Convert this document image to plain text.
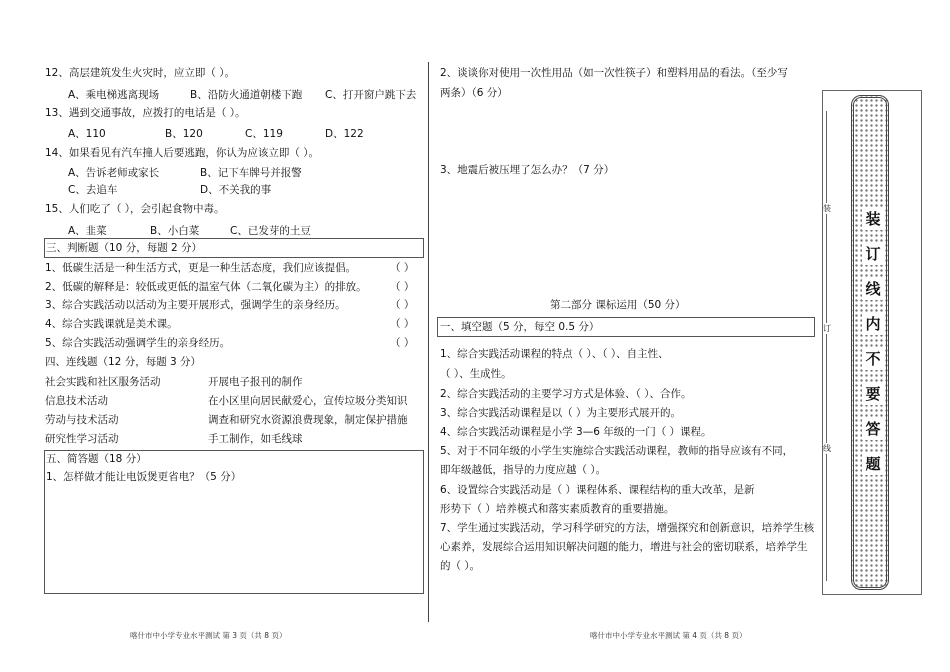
12、高层建筑发生火灾时，应立即（ ）。
A、乘电梯逃离现场	B、沿防火通道朝楼下跑 C、打开窗户跳下去
13、遇到交通事故，应拨打的电话是（ ）。
A、110	B、120	C、119	D、122
14、如果看见有汽车撞人后要逃跑，你认为应该立即（ ）。
A、告诉老师或家长	B、记下车牌号并报警
C、去追车	D、不关我的事
15、人们吃了（ ），会引起食物中毒。
A、韭菜	B、小白菜	C、已发芽的土豆
三、判断题（10 分，每题 2 分）
1、低碳生活是一种生活方式，更是一种生活态度，我们应该提倡。	（ ）
2、低碳的解释是：较低或更低的温室气体（二氧化碳为主）的排放。 （ ）
3、综合实践活动以活动为主要开展形式，强调学生的亲身经历。	（ ）
4、综合实践课就是美术课。	（ ）
5、综合实践活动强调学生的亲身经历。	（ ）
四、连线题（12 分，每题 3 分）
社会实践和社区服务活动	开展电子报刊的制作
信息技术活动	在小区里向居民献爱心，宣传垃圾分类知识
劳动与技术活动	调查和研究水资源浪费现象，制定保护措施
研究性学习活动	手工制作，如毛线球
五、简答题（18 分）
1、怎样做才能让电饭煲更省电？（5 分）
2、谈谈你对使用一次性用品（如一次性筷子）和塑料用品的看法。（至少写
两条）（6 分）
3、地震后被压埋了怎么办？（7 分）
第二部分 课标运用（50 分）
一、填空题（5 分，每空 0.5 分）
1、综合实践活动课程的特点（ ）、（ ）、自主性、
（ ）、生成性。
2、综合实践活动的主要学习方式是体验、（ ）、合作。
3、综合实践活动课程是以（ ）为主要形式展开的。
4、综合实践活动课程是小学 3—6 年级的一门（ ）课程。
5、对于不同年级的小学生实施综合实践活动课程，教师的指导应该有不同，
即年级越低，指导的力度应越（ ）。
6、设置综合实践活动是（ ）课程体系、课程结构的重大改革，是新
形势下（ ）培养模式和落实素质教育的重要措施。
7、学生通过实践活动，学习科学研究的方法，增强探究和创新意识，培养学生核
心素养，发展综合运用知识解决问题的能力，增进与社会的密切联系，培养学生
的（ ）。
装
订
线
装
订
线
内
不
要
答
题
喀什市中小学专业水平测试 第 3 页（共 8 页）	喀什市中小学专业水平测试 第 4 页（共 8 页）
